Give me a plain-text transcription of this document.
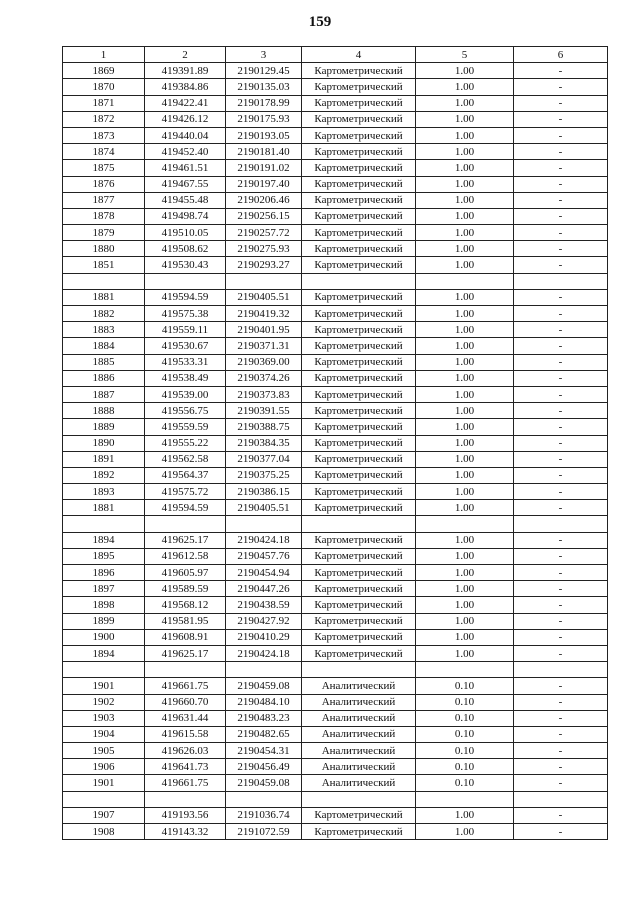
159
1	2	3	4	5	6
1869	419391.89	2190129.45	Картометрический	1.00	-
1870	419384.86	2190135.03	Картометрический	1.00	-
1871	419422.41	2190178.99	Картометрический	1.00	-
1872	419426.12	2190175.93	Картометрический	1.00	-
1873	419440.04	2190193.05	Картометрический	1.00	-
1874	419452.40	2190181.40	Картометрический	1.00	-
1875	419461.51	2190191.02	Картометрический	1.00	-
1876	419467.55	2190197.40	Картометрический	1.00	-
1877	419455.48	2190206.46	Картометрический	1.00	-
1878	419498.74	2190256.15	Картометрический	1.00	-
1879	419510.05	2190257.72	Картометрический	1.00	-
1880	419508.62	2190275.93	Картометрический	1.00	-
1851	419530.43	2190293.27	Картометрический	1.00	-

1881	419594.59	2190405.51	Картометрический	1.00	-
1882	419575.38	2190419.32	Картометрический	1.00	-
1883	419559.11	2190401.95	Картометрический	1.00	-
1884	419530.67	2190371.31	Картометрический	1.00	-
1885	419533.31	2190369.00	Картометрический	1.00	-
1886	419538.49	2190374.26	Картометрический	1.00	-
1887	419539.00	2190373.83	Картометрический	1.00	-
1888	419556.75	2190391.55	Картометрический	1.00	-
1889	419559.59	2190388.75	Картометрический	1.00	-
1890	419555.22	2190384.35	Картометрический	1.00	-
1891	419562.58	2190377.04	Картометрический	1.00	-
1892	419564.37	2190375.25	Картометрический	1.00	-
1893	419575.72	2190386.15	Картометрический	1.00	-
1881	419594.59	2190405.51	Картометрический	1.00	-

1894	419625.17	2190424.18	Картометрический	1.00	-
1895	419612.58	2190457.76	Картометрический	1.00	-
1896	419605.97	2190454.94	Картометрический	1.00	-
1897	419589.59	2190447.26	Картометрический	1.00	-
1898	419568.12	2190438.59	Картометрический	1.00	-
1899	419581.95	2190427.92	Картометрический	1.00	-
1900	419608.91	2190410.29	Картометрический	1.00	-
1894	419625.17	2190424.18	Картометрический	1.00	-

1901	419661.75	2190459.08	Аналитический	0.10	-
1902	419660.70	2190484.10	Аналитический	0.10	-
1903	419631.44	2190483.23	Аналитический	0.10	-
1904	419615.58	2190482.65	Аналитический	0.10	-
1905	419626.03	2190454.31	Аналитический	0.10	-
1906	419641.73	2190456.49	Аналитический	0.10	-
1901	419661.75	2190459.08	Аналитический	0.10	-

1907	419193.56	2191036.74	Картометрический	1.00	-
1908	419143.32	2191072.59	Картометрический	1.00	-
